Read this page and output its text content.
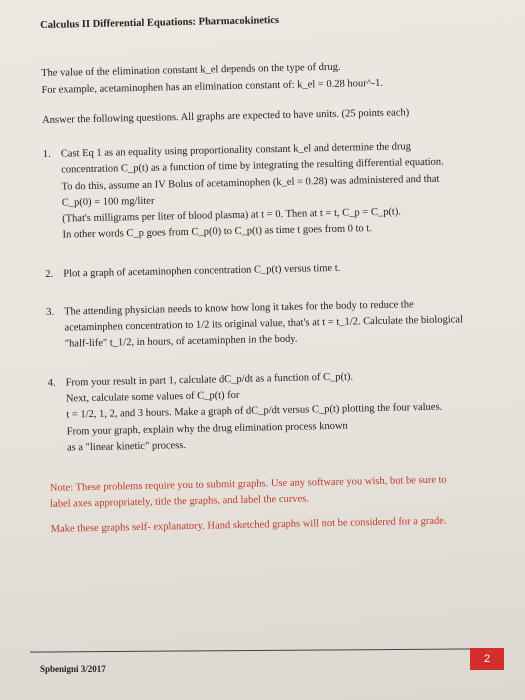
Calculus II Differential Equations: Pharmacokinetics

The value of the elimination constant k_el depends on the type of drug.

For example, acetaminophen has an elimination constant of: k_el = 0.28 hour^-1.

Answer the following questions. All graphs are expected to have units. (25 points each)
1. Cast Eq 1 as an equality using proportionality constant k_el and determine the drug

concentration C_p(t) as a function of time by integrating the resulting differential equation.

To do this, assume an IV Bolus of acetaminophen (k_el = 0.28) was administered and that

C_p(0) = 100 mg/liter

(That's milligrams per liter of blood plasma) at t = 0. Then at t = t, C_p = C_p(t).

In other words C_p goes from C_p(0) to C_p(t) as time t goes from 0 to t.

2. Plot a graph of acetaminophen concentration C_p(t) versus time t.

3. The attending physician needs to know how long it takes for the body to reduce the

acetaminphen concentration to 1/2 its original value, that's at t = t_1/2. Calculate the biological

"half-life" t_1/2, in hours, of acetaminphen in the body.

4. From your result in part 1, calculate dC_p/dt as a function of C_p(t).

Next, calculate some values of C_p(t) for

t = 1/2, 1, 2, and 3 hours. Make a graph of dC_p/dt versus C_p(t) plotting the four values.

From your graph, explain why the drug elimination process known

as a "linear kinetic" process.

Note: These problems require you to submit graphs. Use any software you wish, but be sure to

label axes appropriately, title the graphs, and label the curves.

Make these graphs self- explanatory. Hand sketched graphs will not be considered for a grade.

Spbenigni 3/2017
2
